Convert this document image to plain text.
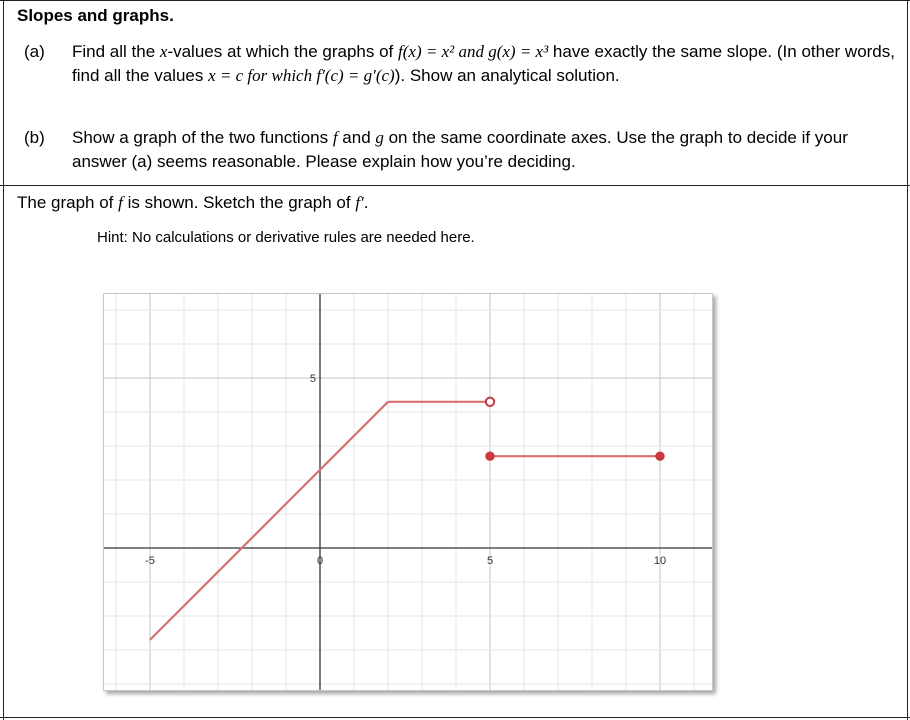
Slopes and graphs.
(a)	Find all the x-values at which the graphs of f(x) = x² and g(x) = x³ have exactly the same slope. (In other words, find all the values x = c for which f′(c) = g′(c)). Show an analytical solution.
(b)	Show a graph of the two functions f and g on the same coordinate axes. Use the graph to decide if your answer (a) seems reasonable. Please explain how you’re deciding.
The graph of f is shown. Sketch the graph of f′.
Hint: No calculations or derivative rules are needed here.
-5	0	5	10
5
